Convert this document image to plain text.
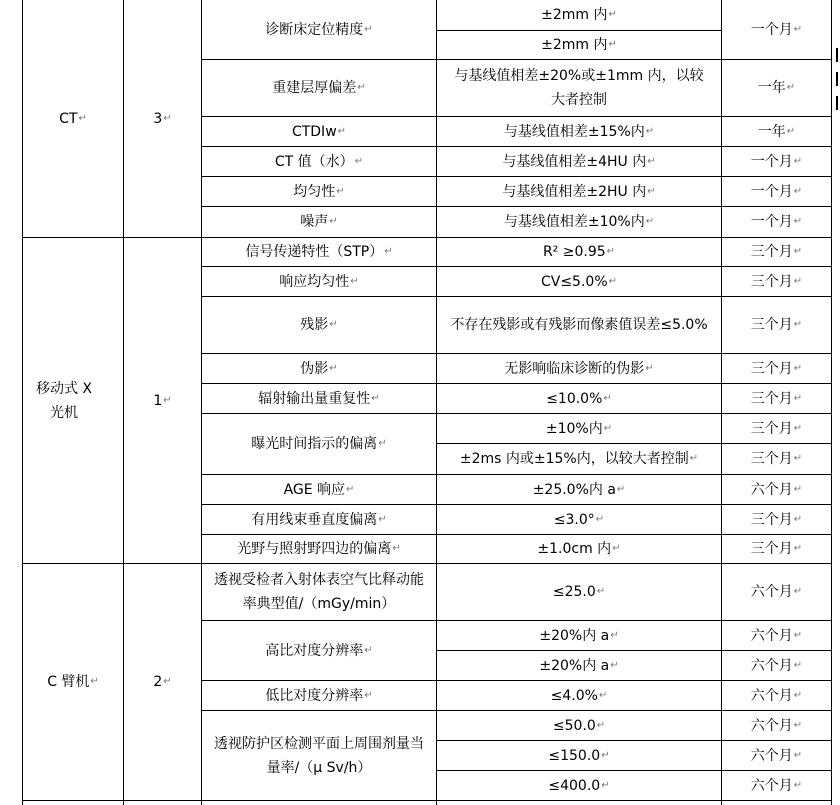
CT ↵	3 ↵
移动式 X 光机
1 ↵
C 臂机 ↵	2 ↵
诊断床定位精度 ↵
重建层厚偏差 ↵
CTDIw ↵
CT 值（水） ↵
均匀性 ↵
噪声 ↵
信号传递特性（STP） ↵
响应均匀性 ↵
残影 ↵
伪影 ↵
辐射输出量重复性 ↵
曝光时间指示的偏离 ↵
AGE 响应 ↵
有用线束垂直度偏离 ↵
光野与照射野四边的偏离 ↵
透视受检者入射体表空气比释动能率典型值/（mGy/min）
高比对度分辨率 ↵
低比对度分辨率 ↵
透视防护区检测平面上周围剂量当量率/（μ Sv/h）
±2mm 内 ↵
±2mm 内 ↵
与基线值相差±20%或±1mm 内，以较大者控制
与基线值相差±15%内 ↵
与基线值相差±4HU 内 ↵
与基线值相差±2HU 内 ↵
与基线值相差±10%内 ↵
R² ≥0.95 ↵
CV≤5.0% ↵
不存在残影或有残影而像素值误差≤5.0%
无影响临床诊断的伪影 ↵
≤10.0% ↵
±10%内 ↵
±2ms 内或±15%内，以较大者控制 ↵
±25.0%内 a ↵
≤3.0° ↵
±1.0cm 内 ↵
≤25.0 ↵
±20%内 a ↵
±20%内 a ↵
≤4.0% ↵
≤50.0 ↵
≤150.0 ↵
≤400.0 ↵
一个月 ↵
一年 ↵
一年 ↵
一个月 ↵
一个月 ↵
一个月 ↵
三个月 ↵
三个月 ↵
三个月 ↵
三个月 ↵
三个月 ↵
三个月 ↵
三个月 ↵
六个月 ↵
三个月 ↵
三个月 ↵
六个月 ↵
六个月 ↵
六个月 ↵
六个月 ↵
六个月 ↵
六个月 ↵
六个月 ↵
